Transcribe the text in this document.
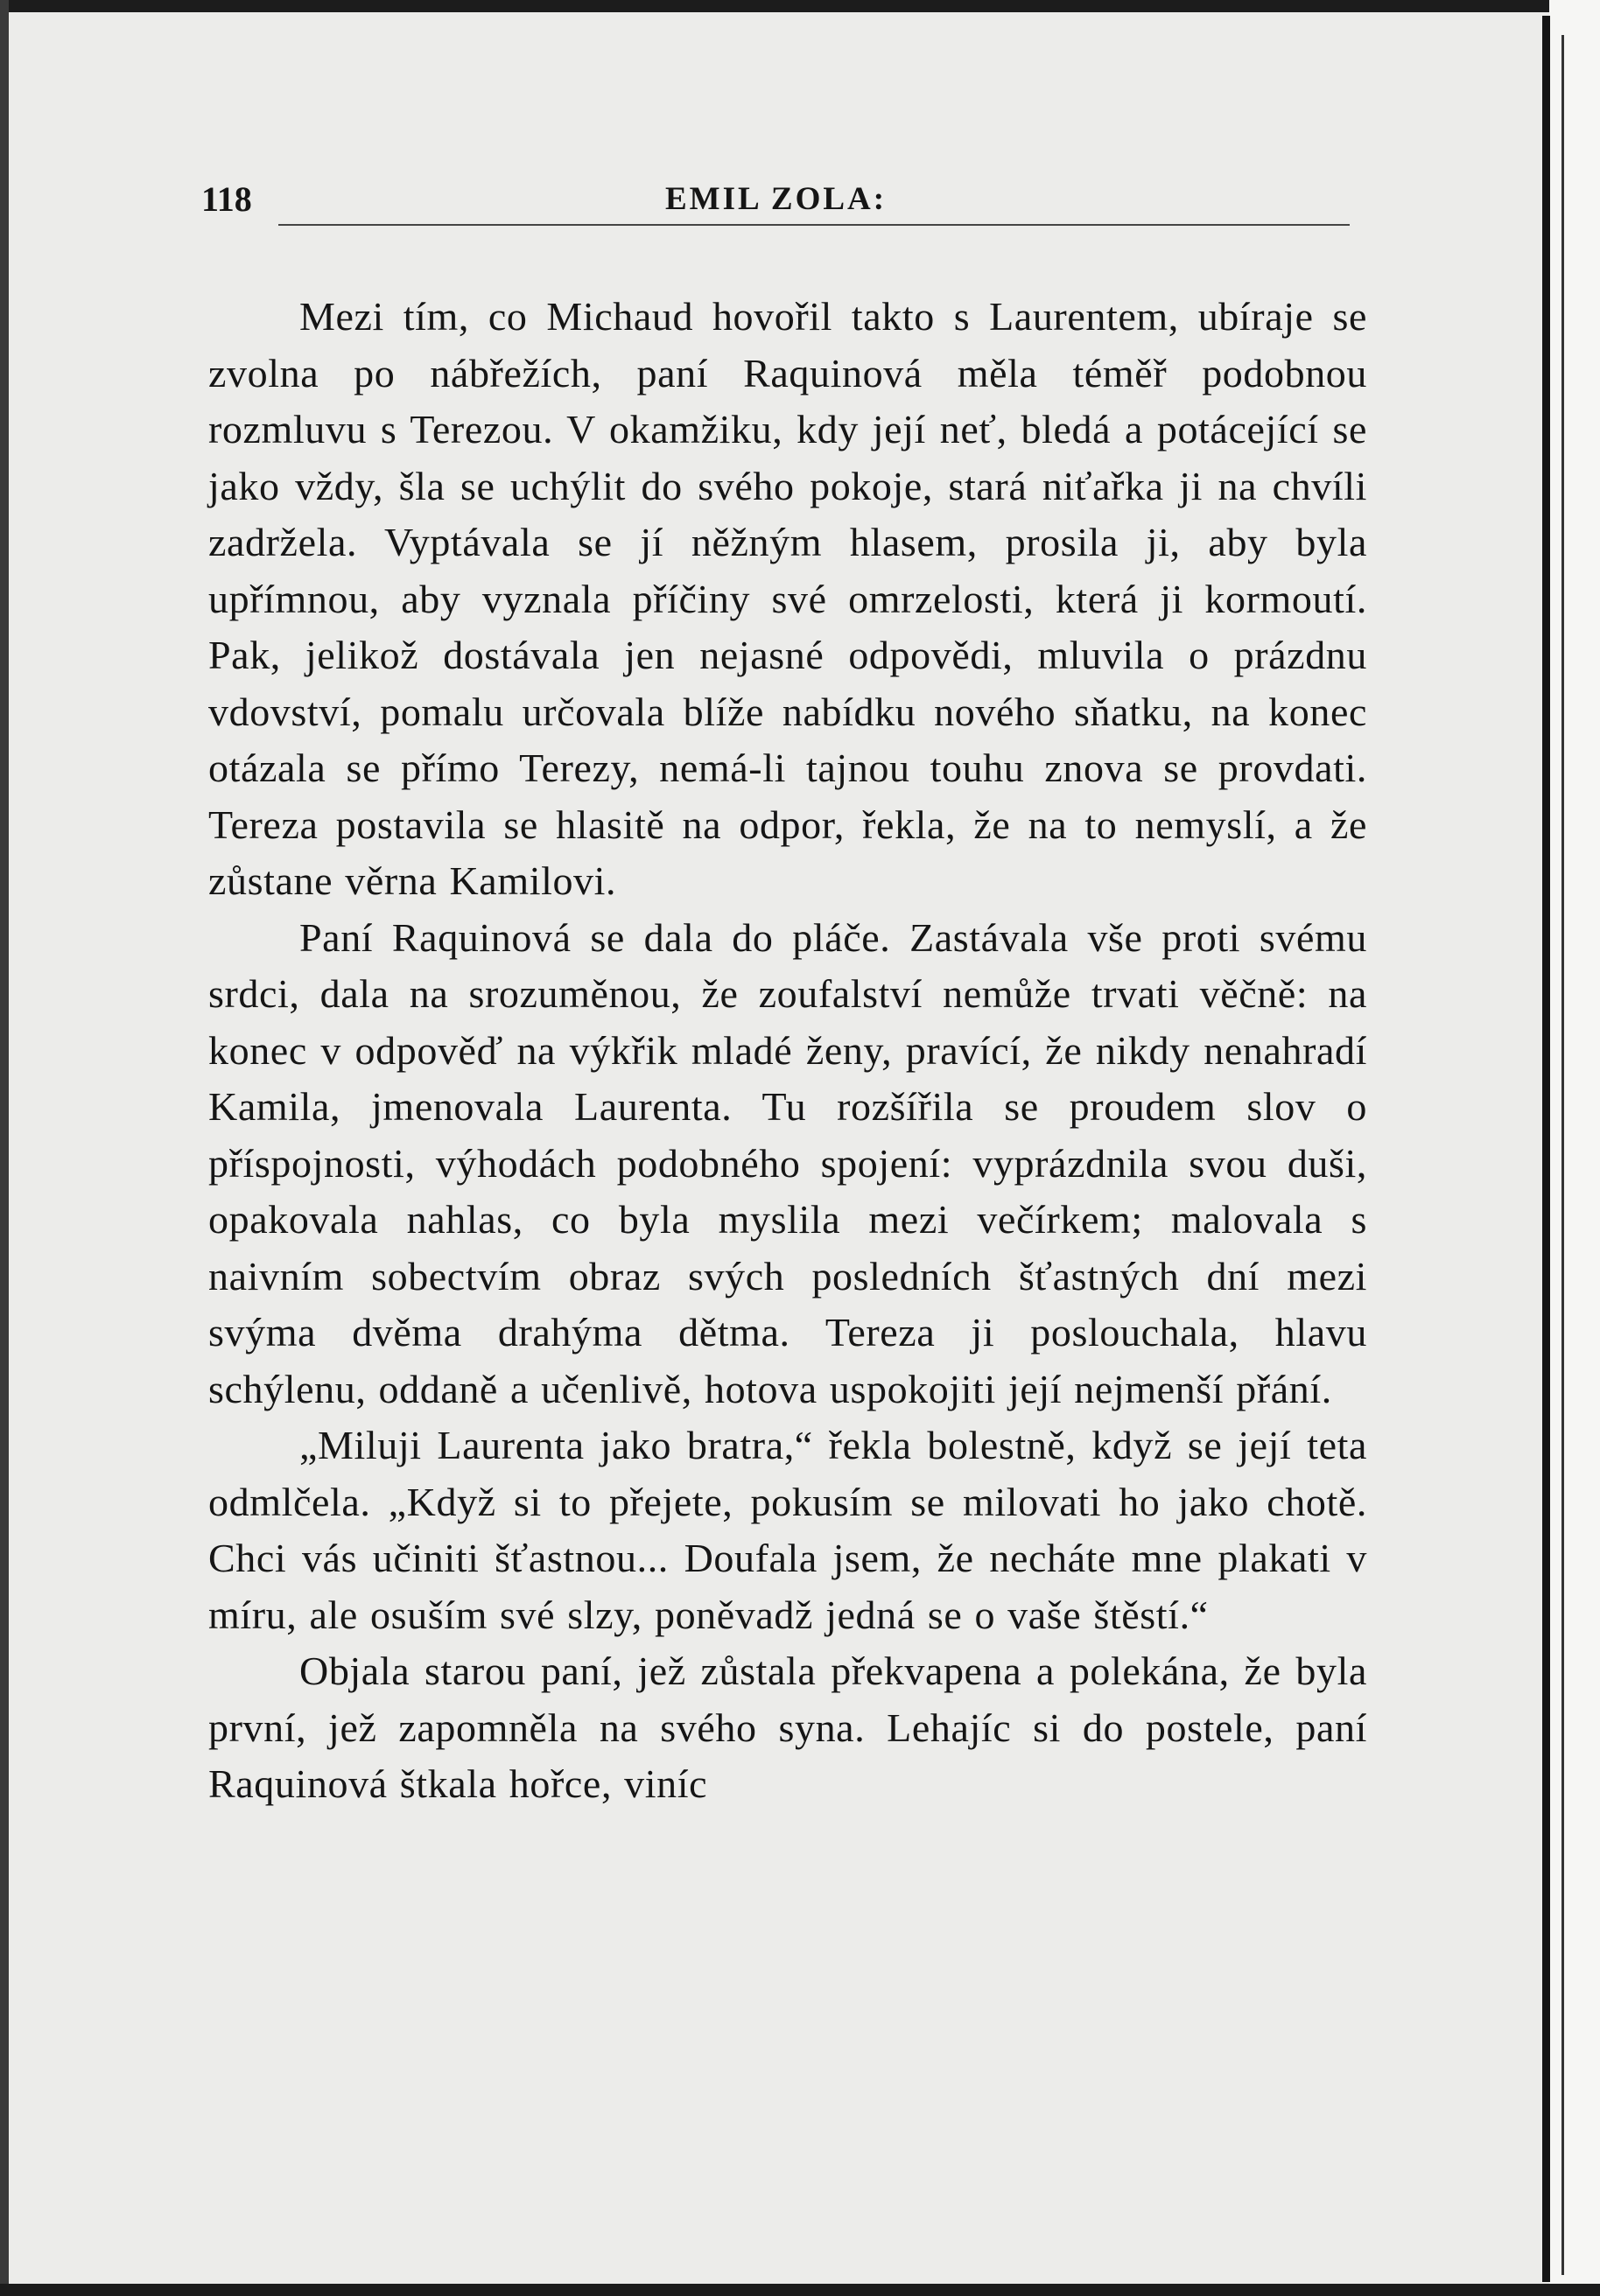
118	EMIL ZOLA:

Mezi tím, co Michaud hovořil takto s Laurentem, ubíraje se zvolna po nábřežích, paní Raquinová měla téměř podobnou rozmluvu s Terezou. V okamžiku, kdy její neť, bledá a potácející se jako vždy, šla se uchýlit do svého pokoje, stará niťařka ji na chvíli zadržela. Vyptávala se jí něžným hlasem, prosila ji, aby byla upřímnou, aby vyznala příčiny své omrzelosti, která ji kormoutí. Pak, jelikož dostávala jen nejasné odpovědi, mluvila o prázdnu vdovství, pomalu určovala blíže nabídku nového sňatku, na konec otázala se přímo Terezy, nemá-li tajnou touhu znova se provdati. Tereza postavila se hlasitě na odpor, řekla, že na to nemyslí, a že zůstane věrna Kamilovi.

Paní Raquinová se dala do pláče. Zastávala vše proti svému srdci, dala na srozuměnou, že zoufalství nemůže trvati věčně: na konec v odpověď na výkřik mladé ženy, pravící, že nikdy nenahradí Kamila, jmenovala Laurenta. Tu rozšířila se proudem slov o příspojnosti, výhodách podobného spojení: vyprázdnila svou duši, opakovala nahlas, co byla myslila mezi večírkem; malovala s naivním sobectvím obraz svých posledních šťastných dní mezi svýma dvěma drahýma dětma. Tereza ji poslouchala, hlavu schýlenu, oddaně a učenlivě, hotova uspokojiti její nejmenší přání.

„Miluji Laurenta jako bratra,“ řekla bolestně, když se její teta odmlčela. „Když si to přejete, pokusím se milovati ho jako chotě. Chci vás učiniti šťastnou... Doufala jsem, že necháte mne plakati v míru, ale osuším své slzy, poněvadž jedná se o vaše štěstí.“

Objala starou paní, jež zůstala překvapena a polekána, že byla první, jež zapomněla na svého syna. Lehajíc si do postele, paní Raquinová štkala hořce, viníc
